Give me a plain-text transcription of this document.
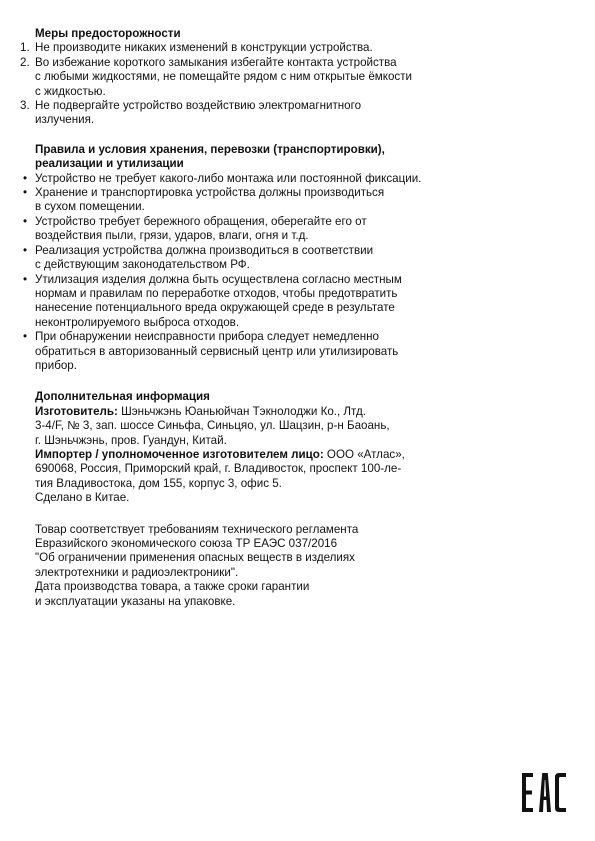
Меры предосторожности
1. Не производите никаких изменений в конструкции устройства.
2. Во избежание короткого замыкания избегайте контакта устройства
с любыми жидкостями, не помещайте рядом с ним открытые ёмкости
с жидкостью.
3. Не подвергайте устройство воздействию электромагнитного
излучения.
Правила и условия хранения, перевозки (транспортировки),
реализации и утилизации
• Устройство не требует какого-либо монтажа или постоянной фиксации.
• Хранение и транспортировка устройства должны производиться
в сухом помещении.
• Устройство требует бережного обращения, оберегайте его от
воздействия пыли, грязи, ударов, влаги, огня и т.д.
• Реализация устройства должна производиться в соответствии
с действующим законодательством РФ.
• Утилизация изделия должна быть осуществлена согласно местным
нормам и правилам по переработке отходов, чтобы предотвратить
нанесение потенциального вреда окружающей среде в результате
неконтролируемого выброса отходов.
• При обнаружении неисправности прибора следует немедленно
обратиться в авторизованный сервисный центр или утилизировать
прибор.
Дополнительная информация
Изготовитель: Шэньчжэнь Юаньюйчан Тэкнолоджи Ко., Лтд.
3-4/F, № 3, зап. шоссе Синьфа, Синьцяо, ул. Шацзин, р-н Баоань,
г. Шэньчжэнь, пров. Гуандун, Китай.
Импортер / уполномоченное изготовителем лицо: ООО «Атлас»,
690068, Россия, Приморский край, г. Владивосток, проспект 100-ле-
тия Владивостока, дом 155, корпус 3, офис 5.
Сделано в Китае.
Товар соответствует требованиям технического регламента
Евразийского экономического союза ТР ЕАЭС 037/2016
"Об ограничении применения опасных веществ в изделиях
электротехники и радиоэлектроники".
Дата производства товара, а также сроки гарантии
и эксплуатации указаны на упаковке.
